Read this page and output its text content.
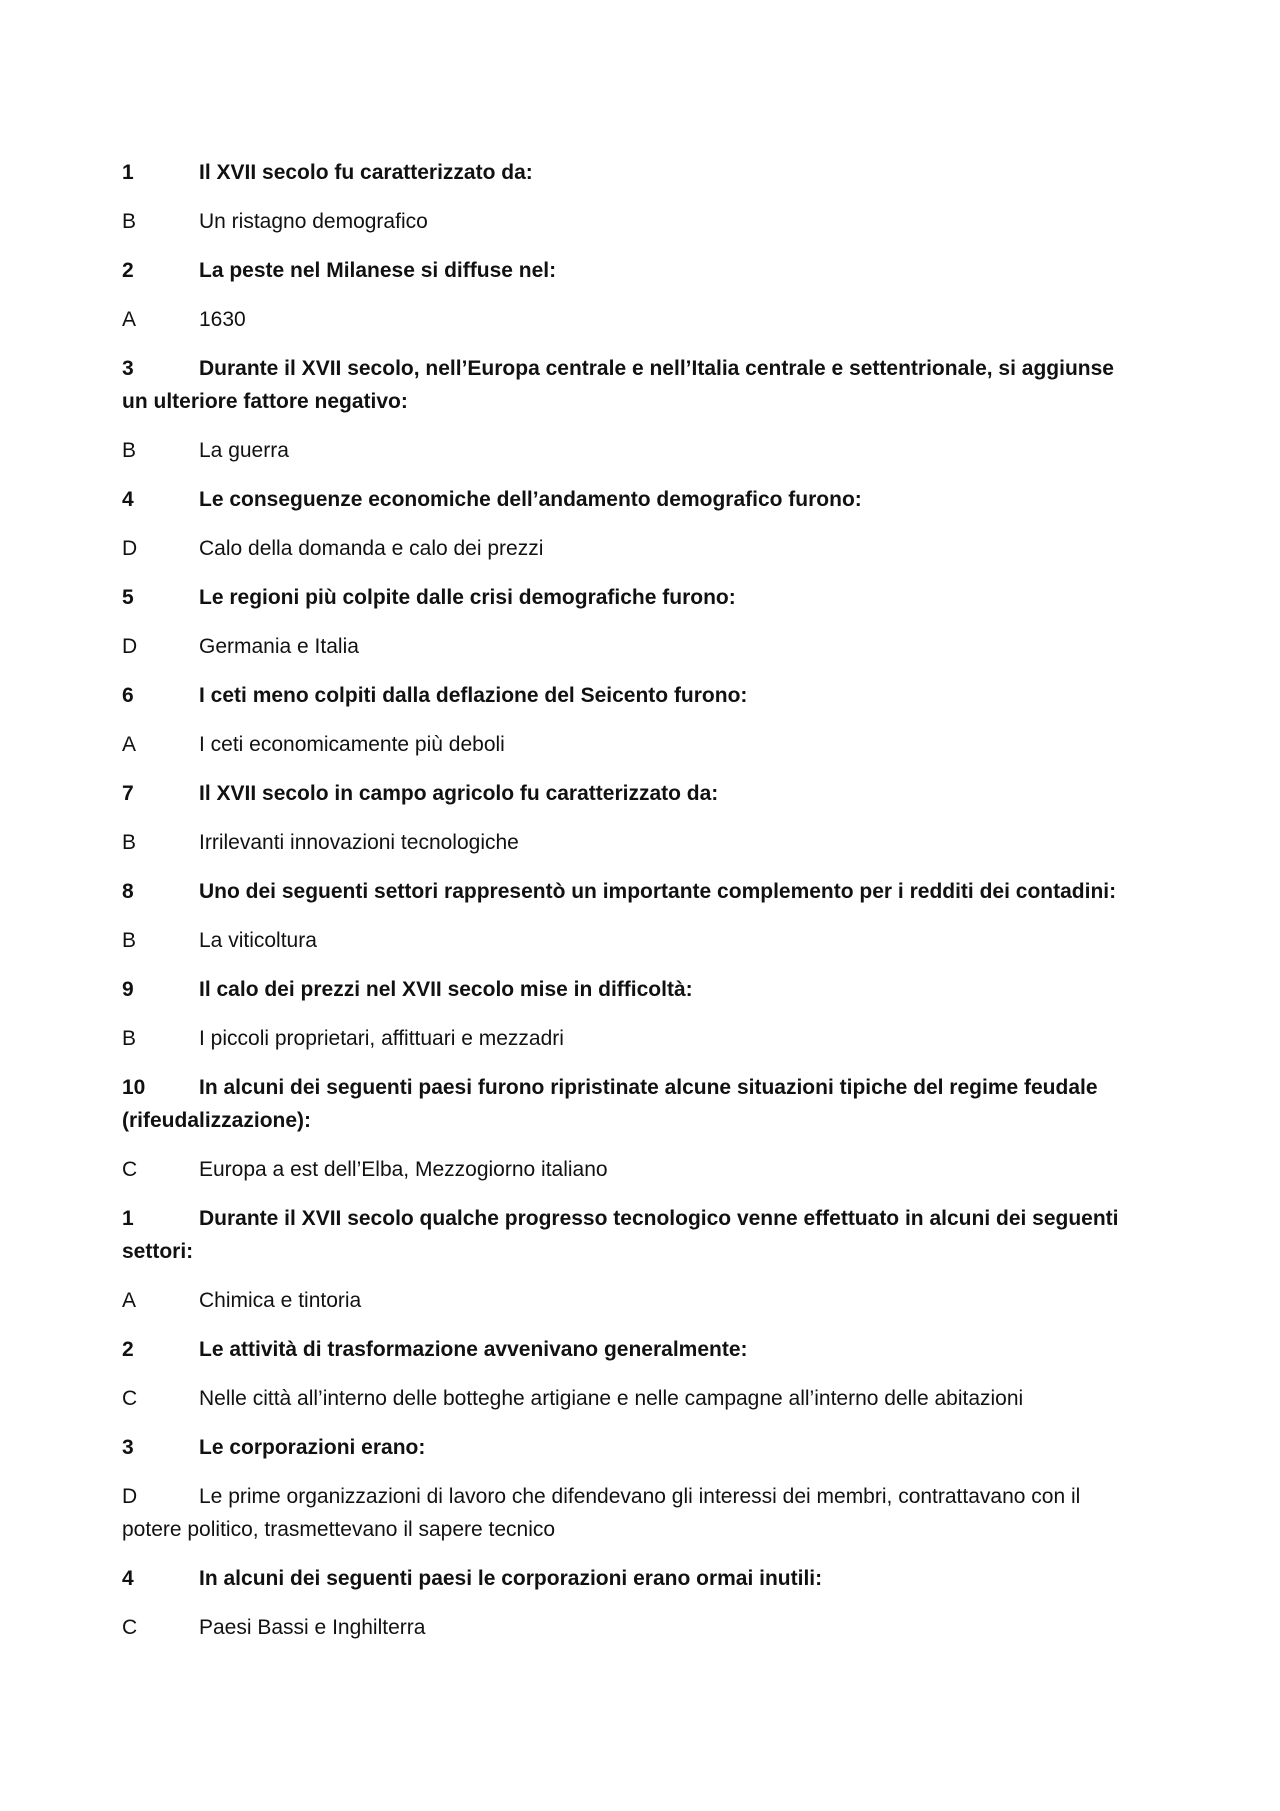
1	Il XVII secolo fu caratterizzato da:
B	Un ristagno demografico
2	La peste nel Milanese si diffuse nel:
A	1630
3	Durante il XVII secolo, nell’Europa centrale e nell’Italia centrale e settentrionale, si aggiunse un ulteriore fattore negativo:
B	La guerra
4	Le conseguenze economiche dell’andamento demografico furono:
D	Calo della domanda e calo dei prezzi
5	Le regioni più colpite dalle crisi demografiche furono:
D	Germania e Italia
6	I ceti meno colpiti dalla deflazione del Seicento furono:
A	I ceti economicamente più deboli
7	Il XVII secolo in campo agricolo fu caratterizzato da:
B	Irrilevanti innovazioni tecnologiche
8	Uno dei seguenti settori rappresentò un importante complemento per i redditi dei contadini:
B	La viticoltura
9	Il calo dei prezzi nel XVII secolo mise in difficoltà:
B	I piccoli proprietari, affittuari e mezzadri
10	In alcuni dei seguenti paesi furono ripristinate alcune situazioni tipiche del regime feudale (rifeudalizzazione):
C	Europa a est dell’Elba, Mezzogiorno italiano
1	Durante il XVII secolo qualche progresso tecnologico venne effettuato in alcuni dei seguenti settori:
A	Chimica e tintoria
2	Le attività di trasformazione avvenivano generalmente:
C	Nelle città all’interno delle botteghe artigiane e nelle campagne all’interno delle abitazioni
3	Le corporazioni erano:
D	Le prime organizzazioni di lavoro che difendevano gli interessi dei membri, contrattavano con il potere politico, trasmettevano il sapere tecnico
4	In alcuni dei seguenti paesi le corporazioni erano ormai inutili:
C	Paesi Bassi e Inghilterra
